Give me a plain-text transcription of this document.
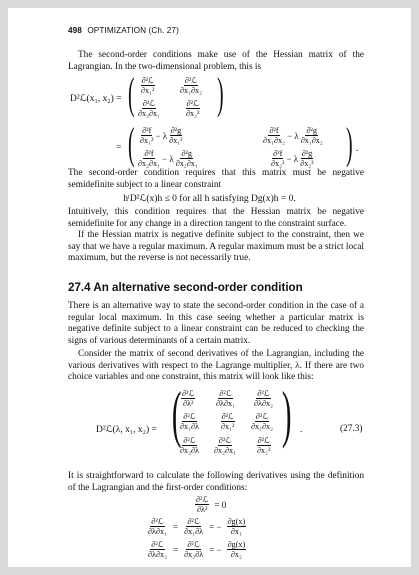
498 OPTIMIZATION (Ch. 27)

The second-order conditions make use of the Hessian matrix of the Lagrangian. In the two-dimensional problem, this is

D²ℒ(x₁, x₂) = ( $\frac{\text{∂²ℒ}}{\text{∂x₁²}}$	$\frac{\text{∂²ℒ}}{\text{∂x₁∂x₂}}$
$\frac{\text{∂²ℒ}}{\text{∂x₂∂x₁}}$	$\frac{\text{∂²ℒ}}{\text{∂x₂²}}$ )
= ( $\frac{\text{∂²f}}{\text{∂x₁²}} - \lambda \frac{\text{∂²g}}{\text{∂x₁²}}$	$\frac{\text{∂²f}}{\text{∂x₁∂x₂}} - \lambda \frac{\text{∂²g}}{\text{∂x₁∂x₂}}$
$\frac{\text{∂²f}}{\text{∂x₂∂x₁}} - \lambda \frac{\text{∂²g}}{\text{∂x₂∂x₁}}$	$\frac{\text{∂²f}}{\text{∂x₂²}} - \lambda \frac{\text{∂²g}}{\text{∂x₂²}}$ ) .

The second-order condition requires that this matrix must be negative semidefinite subject to a linear constraint

hᵗD²ℒ(x)h ≤ 0 for all h satisfying Dg(x)h = 0.

Intuitively, this condition requires that the Hessian matrix be negative semidefinite for any change in a direction tangent to the constraint surface.

If the Hessian matrix is negative definite subject to the constraint, then we say that we have a regular maximum. A regular maximum must be a strict local maximum, but the reverse is not necessarily true.

27.4 An alternative second-order condition

There is an alternative way to state the second-order condition in the case of a regular local maximum. In this case seeing whether a particular matrix is negative definite subject to a linear constraint can be reduced to checking the signs of various determinants of a certain matrix.

Consider the matrix of second derivatives of the Lagrangian, including the various derivatives with respect to the Lagrange multiplier, λ. If there are two choice variables and one constraint, this matrix will look like this:

D²ℒ(λ, x₁, x₂) = ( $\frac{\text{∂²ℒ}}{\text{∂λ²}} \frac{\text{∂²ℒ}}{\text{∂λ∂x₁}} \frac{\text{∂²ℒ}}{\text{∂λ∂x₂}}$
$\frac{\text{∂²ℒ}}{\text{∂x₁∂λ}} \frac{\text{∂²ℒ}}{\text{∂x₁²}} \frac{\text{∂²ℒ}}{\text{∂x₁∂x₂}}$
$\frac{\text{∂²ℒ}}{\text{∂x₂∂λ}} \frac{\text{∂²ℒ}}{\text{∂x₂∂x₁}} \frac{\text{∂²ℒ}}{\text{∂x₂²}}$ ) .	(27.3)

It is straightforward to calculate the following derivatives using the definition of the Lagrangian and the first-order conditions:

$\frac{\text{∂²ℒ}}{\text{∂λ²}} = 0$
$\frac{\text{∂²ℒ}}{\text{∂λ∂x₁}} = \frac{\text{∂²ℒ}}{\text{∂x₁∂λ}}$ = − $\frac{\partial g(x)}{\text{∂x₁}}$
$\frac{\text{∂²ℒ}}{\text{∂λ∂x₂}} = \frac{\text{∂²ℒ}}{\text{∂x₂∂λ}}$ = − $\frac{\partial g(x)}{\text{∂x₂}}$
